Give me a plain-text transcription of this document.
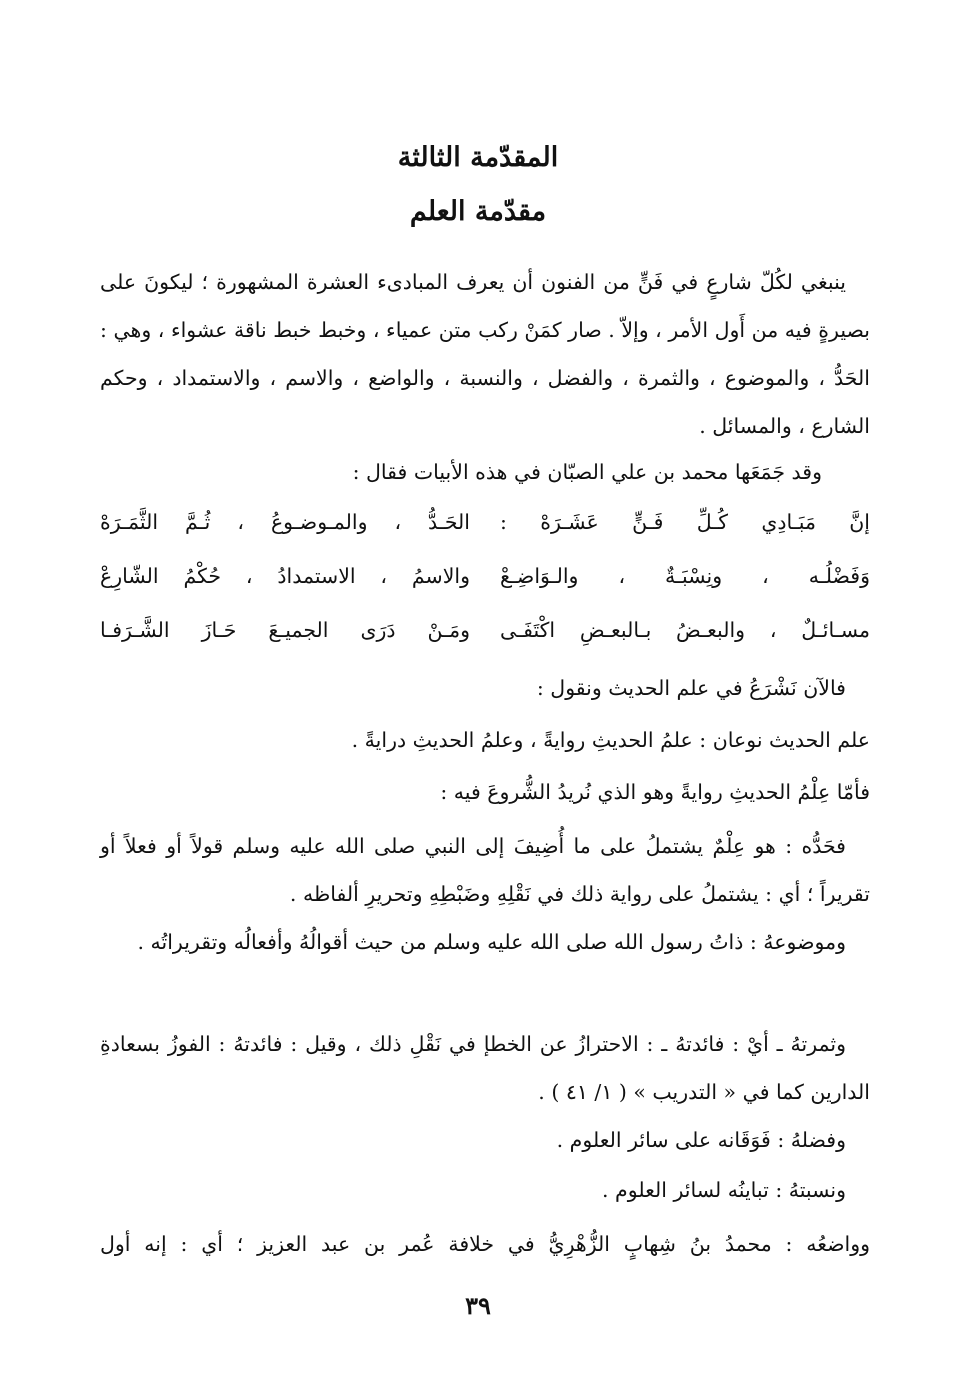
المقدّمة الثالثة
مقدّمة العلم
ينبغي لكُلّ شارعٍ في فَنٍّ من الفنون أن يعرف المبادىء العشرة المشهورة ؛ ليكونَ على بصيرةٍ فيه من أَول الأمر ، وإلاّ . صار كمَنْ ركب متن عمياء ، وخبط خبط ناقة عشواء ، وهي : الحَدُّ ، والموضوع ، والثمرة ، والفضل ، والنسبة ، والواضع ، والاسم ، والاستمداد ، وحكم الشارع ، والمسائل .
وقد جَمَعَها محمد بن علي الصبّان في هذه الأبيات فقال :
إنَّ مَبَـادِي كُـلِّ فَـنٍّ عَشَـرَهْ :
الحَـدُّ ، والمـوضـوعُ ، ثُـمَّ الثَّمَـرَهْ
وَفَضْلُـه ، ونِسْبَـةٌ ، والـوَاضِـعْ
والاسمُ ، الاستمدادُ ، حُكْمُ الشّارِعْ
مسـائـلٌ ، والبعـضُ بـالبعـضِ اكْتَفَـى
ومَـنْ دَرَى الجميـعَ حَـازَ الشَّـرَفـا
فالآن نَشْرَعُ في علم الحديث ونقول :
علم الحديث نوعان : علمُ الحديثِ روايةً ، وعلمُ الحديثِ درايةً .
فأمّا عِلْمُ الحديثِ روايةً وهو الذي نُريدُ الشُّروعَ فيه :
فحَدُّه : هو عِلْمٌ يشتملُ على ما أُضِيفَ إلى النبي صلى الله عليه وسلم قولاً أو فعلاً أو تقريراً ؛ أي : يشتملُ على رواية ذلك في نَقْلِهِ وضَبْطِهِ وتحريرِ ألفاظه .
وموضوعهُ : ذاتُ رسول الله صلى الله عليه وسلم من حيث أقوالُهُ وأفعالُه وتقريراتُه .
وثمرتهُ ـ أيْ : فائدتهُ ـ : الاحترازُ عن الخطإ في نَقْلِ ذلك ، وقيل : فائدتهُ : الفوزُ بسعادةِ الدارين كما في « التدريب » ( ١/ ٤١ ) .
وفضلهُ : فَوَقَانه على سائر العلوم .
ونسبتهُ : تباينُه لسائر العلوم .
وواضعُه : محمدُ بنُ شِهابٍ الزُّهْرِيُّ في خلافة عُمر بن عبد العزيز ؛ أي : إنه أول
٣٩
